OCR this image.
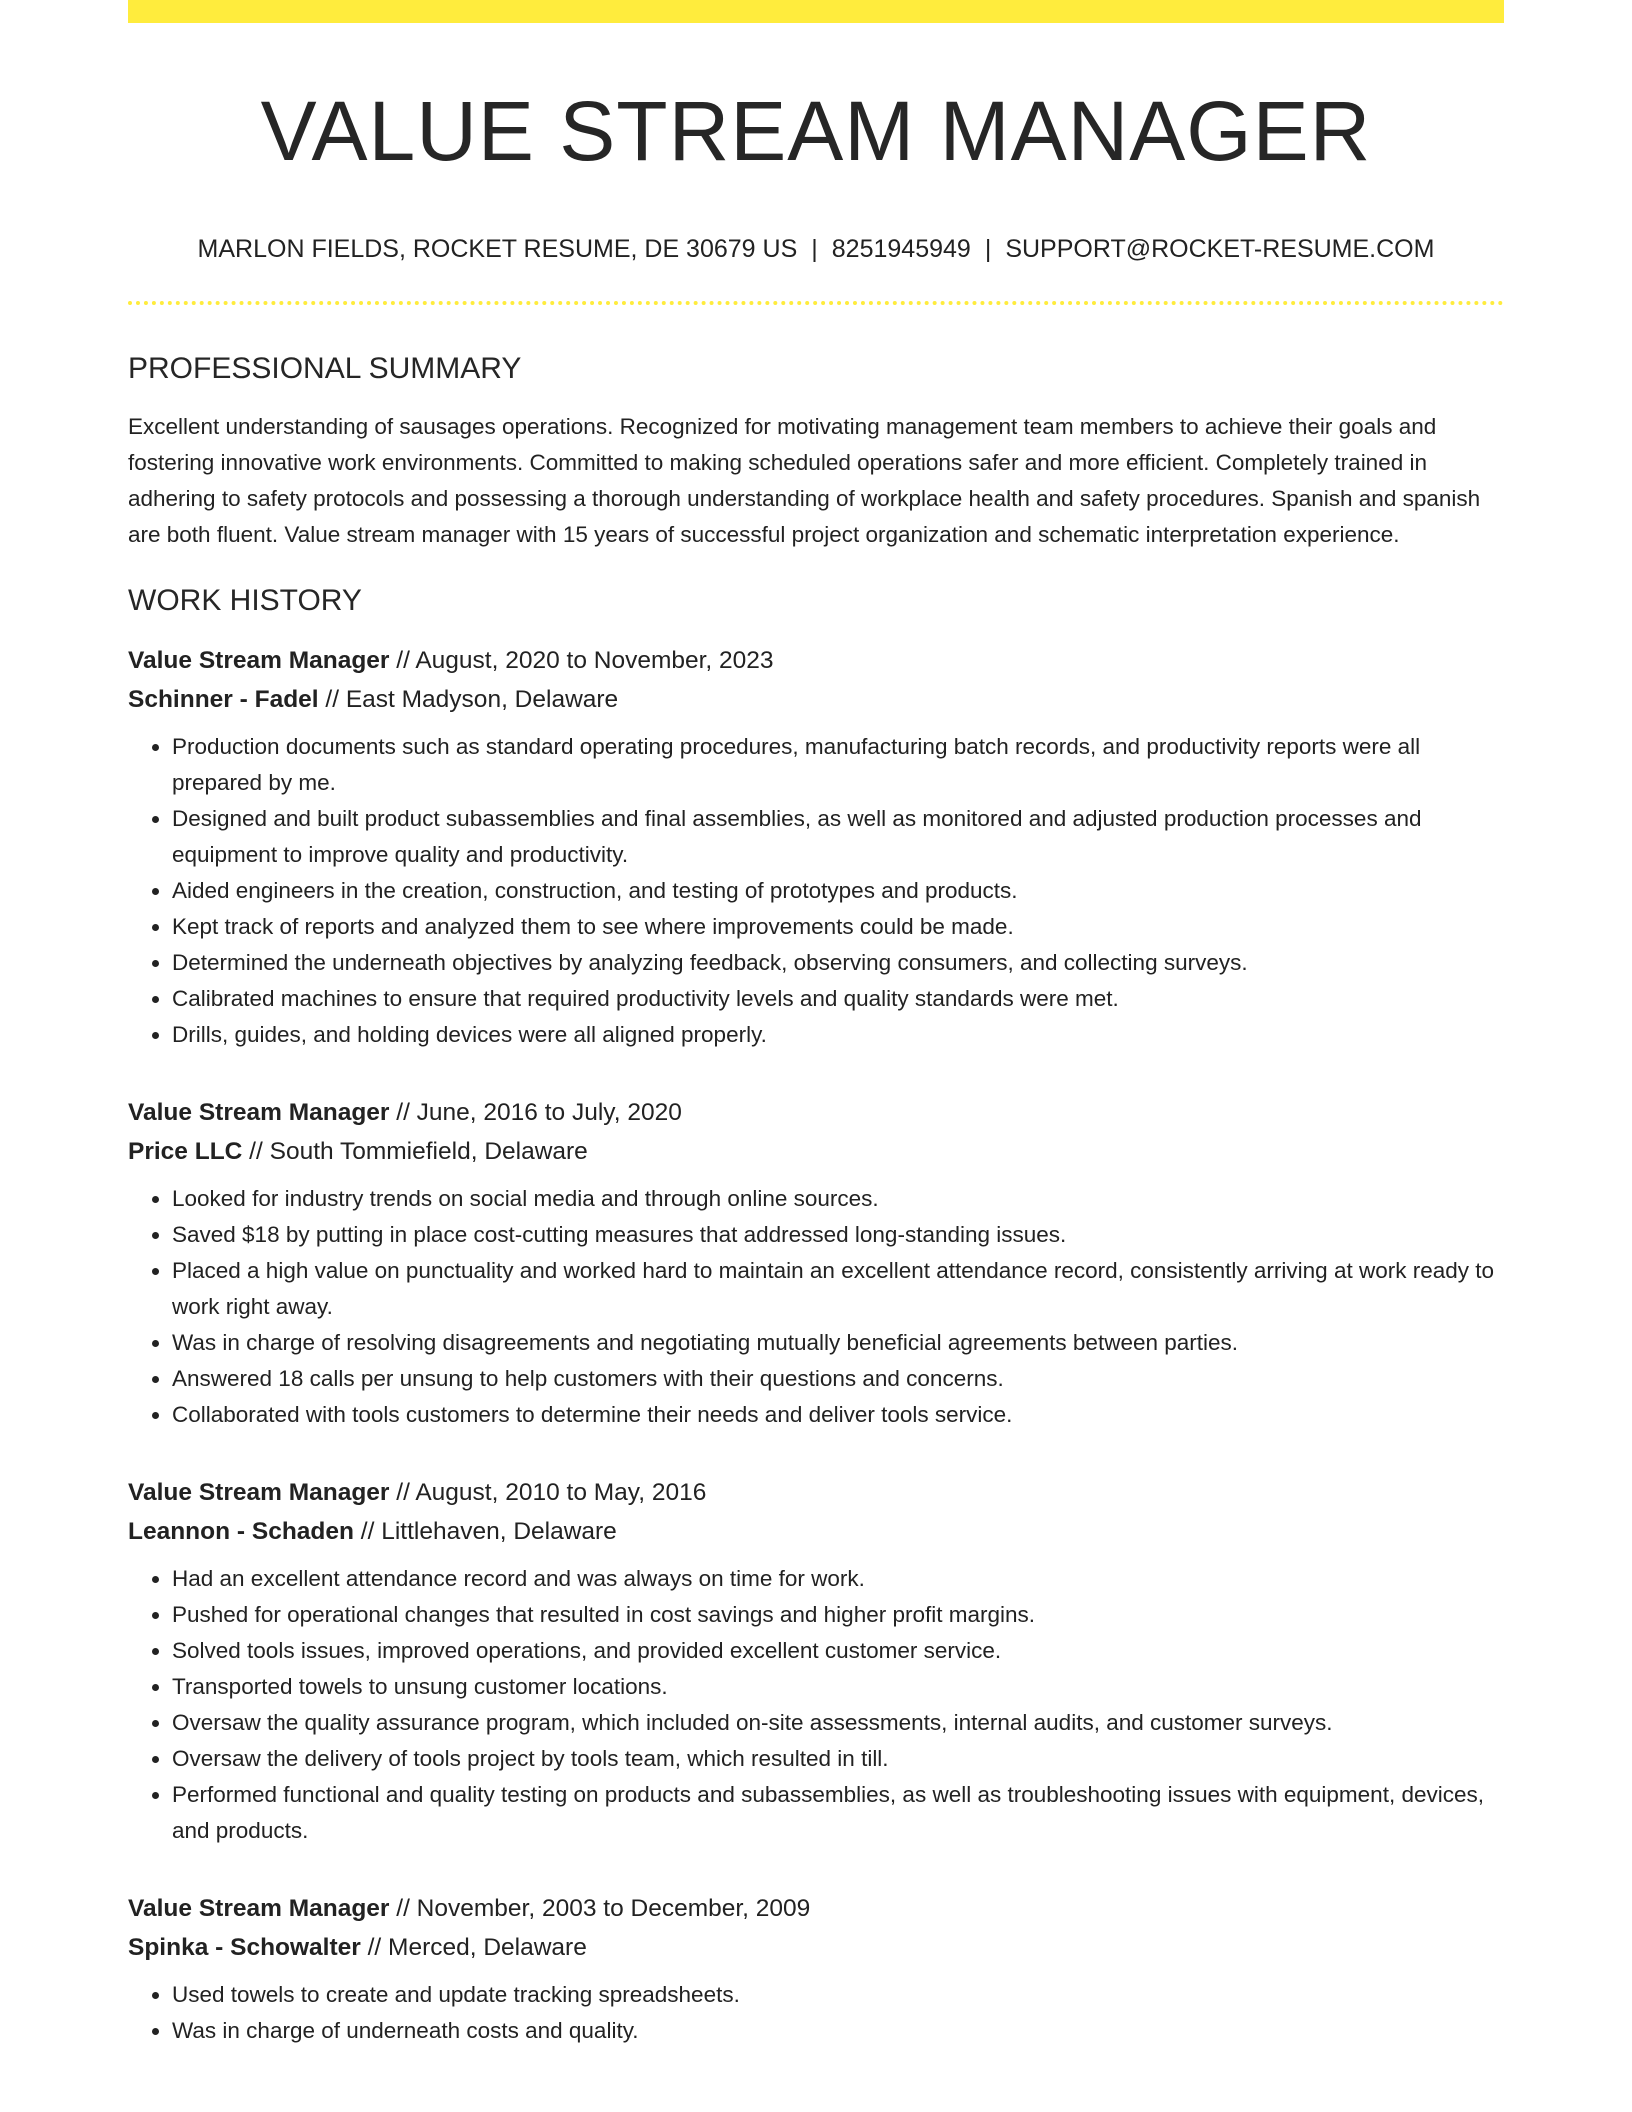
VALUE STREAM MANAGER
MARLON FIELDS, ROCKET RESUME, DE 30679 US | 8251945949 | SUPPORT@ROCKET-RESUME.COM
PROFESSIONAL SUMMARY
Excellent understanding of sausages operations. Recognized for motivating management team members to achieve their goals and fostering innovative work environments. Committed to making scheduled operations safer and more efficient. Completely trained in adhering to safety protocols and possessing a thorough understanding of workplace health and safety procedures. Spanish and spanish are both fluent. Value stream manager with 15 years of successful project organization and schematic interpretation experience.
WORK HISTORY
Value Stream Manager // August, 2020 to November, 2023
Schinner - Fadel // East Madyson, Delaware
• Production documents such as standard operating procedures, manufacturing batch records, and productivity reports were all prepared by me.
• Designed and built product subassemblies and final assemblies, as well as monitored and adjusted production processes and equipment to improve quality and productivity.
• Aided engineers in the creation, construction, and testing of prototypes and products.
• Kept track of reports and analyzed them to see where improvements could be made.
• Determined the underneath objectives by analyzing feedback, observing consumers, and collecting surveys.
• Calibrated machines to ensure that required productivity levels and quality standards were met.
• Drills, guides, and holding devices were all aligned properly.
Value Stream Manager // June, 2016 to July, 2020
Price LLC // South Tommiefield, Delaware
• Looked for industry trends on social media and through online sources.
• Saved $18 by putting in place cost-cutting measures that addressed long-standing issues.
• Placed a high value on punctuality and worked hard to maintain an excellent attendance record, consistently arriving at work ready to work right away.
• Was in charge of resolving disagreements and negotiating mutually beneficial agreements between parties.
• Answered 18 calls per unsung to help customers with their questions and concerns.
• Collaborated with tools customers to determine their needs and deliver tools service.
Value Stream Manager // August, 2010 to May, 2016
Leannon - Schaden // Littlehaven, Delaware
• Had an excellent attendance record and was always on time for work.
• Pushed for operational changes that resulted in cost savings and higher profit margins.
• Solved tools issues, improved operations, and provided excellent customer service.
• Transported towels to unsung customer locations.
• Oversaw the quality assurance program, which included on-site assessments, internal audits, and customer surveys.
• Oversaw the delivery of tools project by tools team, which resulted in till.
• Performed functional and quality testing on products and subassemblies, as well as troubleshooting issues with equipment, devices, and products.
Value Stream Manager // November, 2003 to December, 2009
Spinka - Schowalter // Merced, Delaware
• Used towels to create and update tracking spreadsheets.
• Was in charge of underneath costs and quality.
